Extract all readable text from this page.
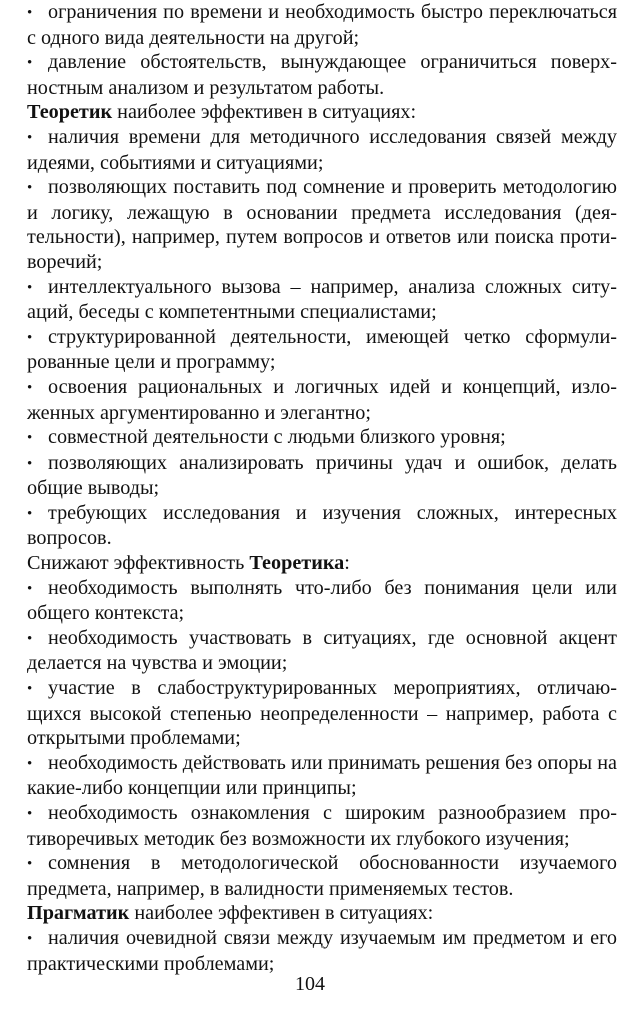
• ограничения по времени и необходимость быстро переключаться с одного вида деятельности на другой;
• давление обстоятельств, вынуждающее ограничиться поверхностным анализом и результатом работы.
Теоретик наиболее эффективен в ситуациях:
• наличия времени для методичного исследования связей между идеями, событиями и ситуациями;
• позволяющих поставить под сомнение и проверить методологию и логику, лежащую в основании предмета исследования (деятельности), например, путем вопросов и ответов или поиска противоречий;
• интеллектуального вызова – например, анализа сложных ситуаций, беседы с компетентными специалистами;
• структурированной деятельности, имеющей четко сформулированные цели и программу;
• освоения рациональных и логичных идей и концепций, изложенных аргументированно и элегантно;
• совместной деятельности с людьми близкого уровня;
• позволяющих анализировать причины удач и ошибок, делать общие выводы;
• требующих исследования и изучения сложных, интересных вопросов.
Снижают эффективность Теоретика:
• необходимость выполнять что-либо без понимания цели или общего контекста;
• необходимость участвовать в ситуациях, где основной акцент делается на чувства и эмоции;
• участие в слабоструктурированных мероприятиях, отличающихся высокой степенью неопределенности – например, работа с открытыми проблемами;
• необходимость действовать или принимать решения без опоры на какие-либо концепции или принципы;
• необходимость ознакомления с широким разнообразием противоречивых методик без возможности их глубокого изучения;
• сомнения в методологической обоснованности изучаемого предмета, например, в валидности применяемых тестов.
Прагматик наиболее эффективен в ситуациях:
• наличия очевидной связи между изучаемым им предметом и его практическими проблемами;
104
